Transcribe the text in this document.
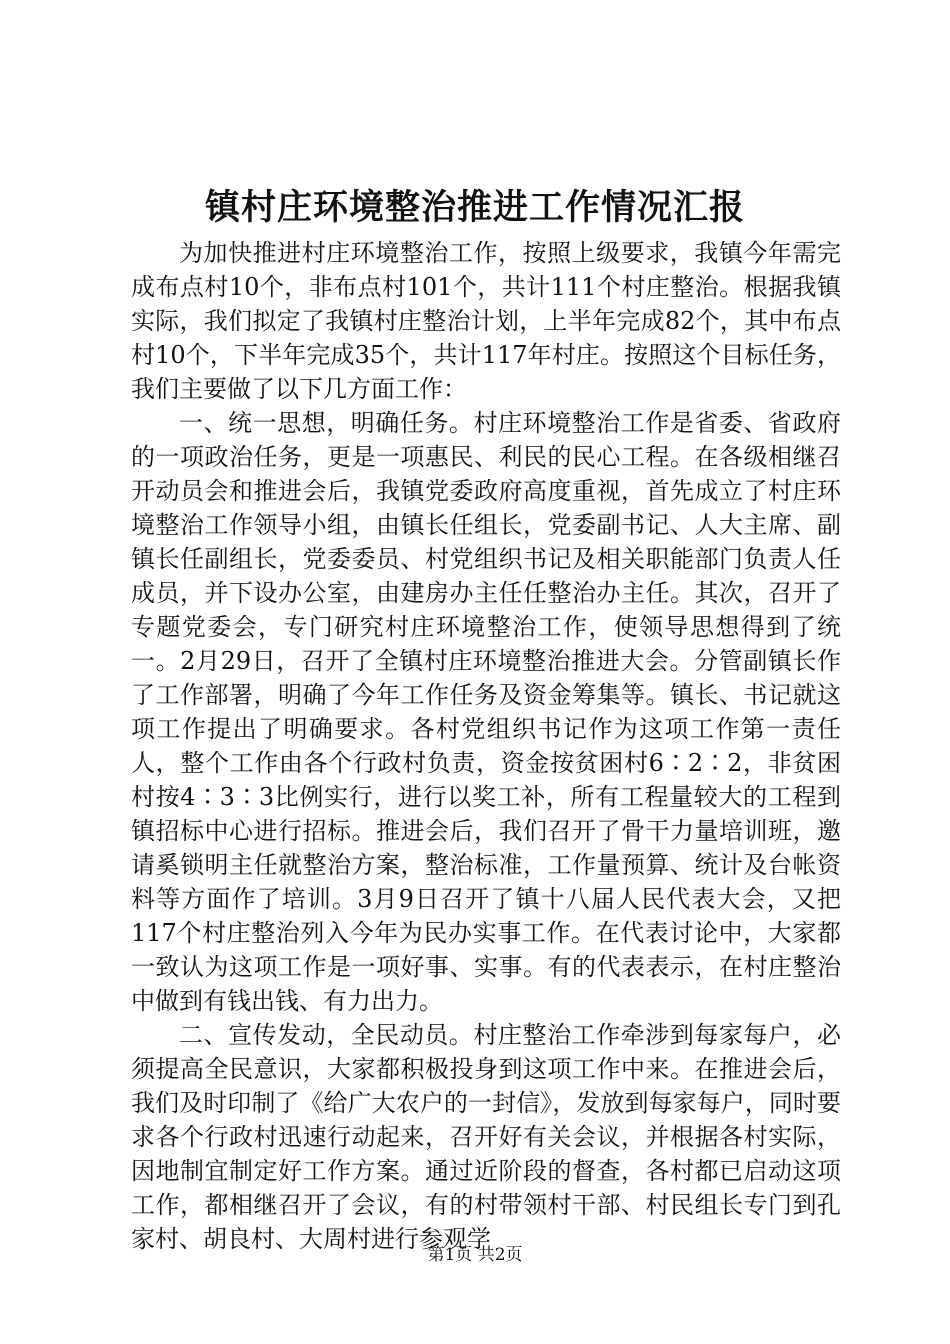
镇村庄环境整治推进工作情况汇报

为加快推进村庄环境整治工作，按照上级要求，我镇今年需完成布点村10个，非布点村101个，共计111个村庄整治。根据我镇实际，我们拟定了我镇村庄整治计划，上半年完成82个，其中布点村10个，下半年完成35个，共计117年村庄。按照这个目标任务，我们主要做了以下几方面工作：

一、统一思想，明确任务。村庄环境整治工作是省委、省政府的一项政治任务，更是一项惠民、利民的民心工程。在各级相继召开动员会和推进会后，我镇党委政府高度重视，首先成立了村庄环境整治工作领导小组，由镇长任组长，党委副书记、人大主席、副镇长任副组长，党委委员、村党组织书记及相关职能部门负责人任成员，并下设办公室，由建房办主任任整治办主任。其次，召开了专题党委会，专门研究村庄环境整治工作，使领导思想得到了统一。2月29日，召开了全镇村庄环境整治推进大会。分管副镇长作了工作部署，明确了今年工作任务及资金筹集等。镇长、书记就这项工作提出了明确要求。各村党组织书记作为这项工作第一责任人，整个工作由各个行政村负责，资金按贫困村6∶2∶2，非贫困村按4∶3∶3比例实行，进行以奖工补，所有工程量较大的工程到镇招标中心进行招标。推进会后，我们召开了骨干力量培训班，邀请奚锁明主任就整治方案，整治标准，工作量预算、统计及台帐资料等方面作了培训。3月9日召开了镇十八届人民代表大会，又把117个村庄整治列入今年为民办实事工作。在代表讨论中，大家都一致认为这项工作是一项好事、实事。有的代表表示，在村庄整治中做到有钱出钱、有力出力。

二、宣传发动，全民动员。村庄整治工作牵涉到每家每户，必须提高全民意识，大家都积极投身到这项工作中来。在推进会后，我们及时印制了《给广大农户的一封信》，发放到每家每户，同时要求各个行政村迅速行动起来，召开好有关会议，并根据各村实际，因地制宜制定好工作方案。通过近阶段的督查，各村都已启动这项工作，都相继召开了会议，有的村带领村干部、村民组长专门到孔家村、胡良村、大周村进行参观学

第1页 共2页
